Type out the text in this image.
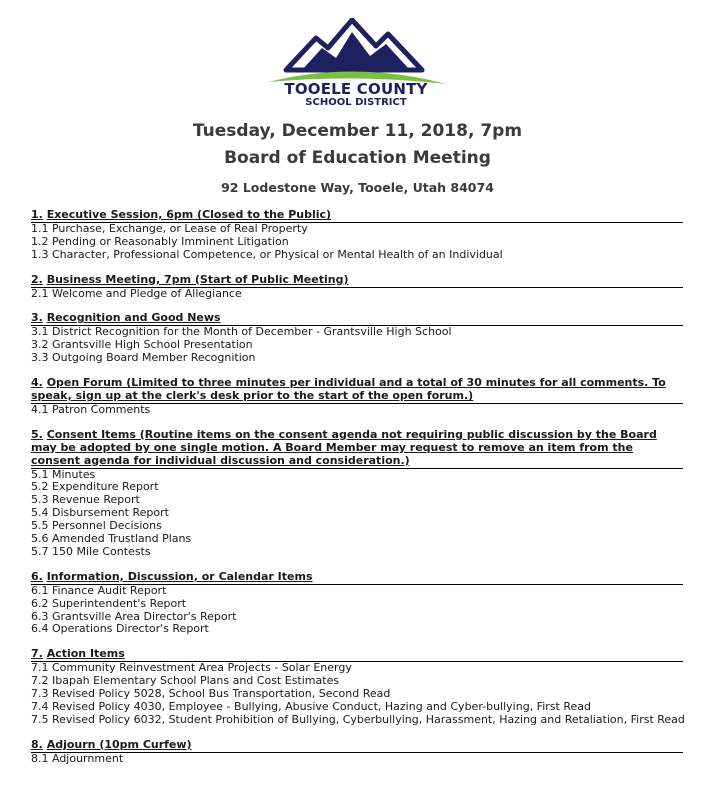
Education Elevated
TOOELE COUNTY
SCHOOL DISTRICT
Tuesday, December 11, 2018, 7pm
Board of Education Meeting
92 Lodestone Way, Tooele, Utah 84074
1. Executive Session, 6pm (Closed to the Public)
1.1 Purchase, Exchange, or Lease of Real Property
1.2 Pending or Reasonably Imminent Litigation
1.3 Character, Professional Competence, or Physical or Mental Health of an Individual
2. Business Meeting, 7pm (Start of Public Meeting)
2.1 Welcome and Pledge of Allegiance
3. Recognition and Good News
3.1 District Recognition for the Month of December - Grantsville High School
3.2 Grantsville High School Presentation
3.3 Outgoing Board Member Recognition
4. Open Forum (Limited to three minutes per individual and a total of 30 minutes for all comments. To speak, sign up at the clerk's desk prior to the start of the open forum.)
4.1 Patron Comments
5. Consent Items (Routine items on the consent agenda not requiring public discussion by the Board may be adopted by one single motion. A Board Member may request to remove an item from the consent agenda for individual discussion and consideration.)
5.1 Minutes
5.2 Expenditure Report
5.3 Revenue Report
5.4 Disbursement Report
5.5 Personnel Decisions
5.6 Amended Trustland Plans
5.7 150 Mile Contests
6. Information, Discussion, or Calendar Items
6.1 Finance Audit Report
6.2 Superintendent's Report
6.3 Grantsville Area Director's Report
6.4 Operations Director's Report
7. Action Items
7.1 Community Reinvestment Area Projects - Solar Energy
7.2 Ibapah Elementary School Plans and Cost Estimates
7.3 Revised Policy 5028, School Bus Transportation, Second Read
7.4 Revised Policy 4030, Employee - Bullying, Abusive Conduct, Hazing and Cyber-bullying, First Read
7.5 Revised Policy 6032, Student Prohibition of Bullying, Cyberbullying, Harassment, Hazing and Retaliation, First Read
8. Adjourn (10pm Curfew)
8.1 Adjournment
